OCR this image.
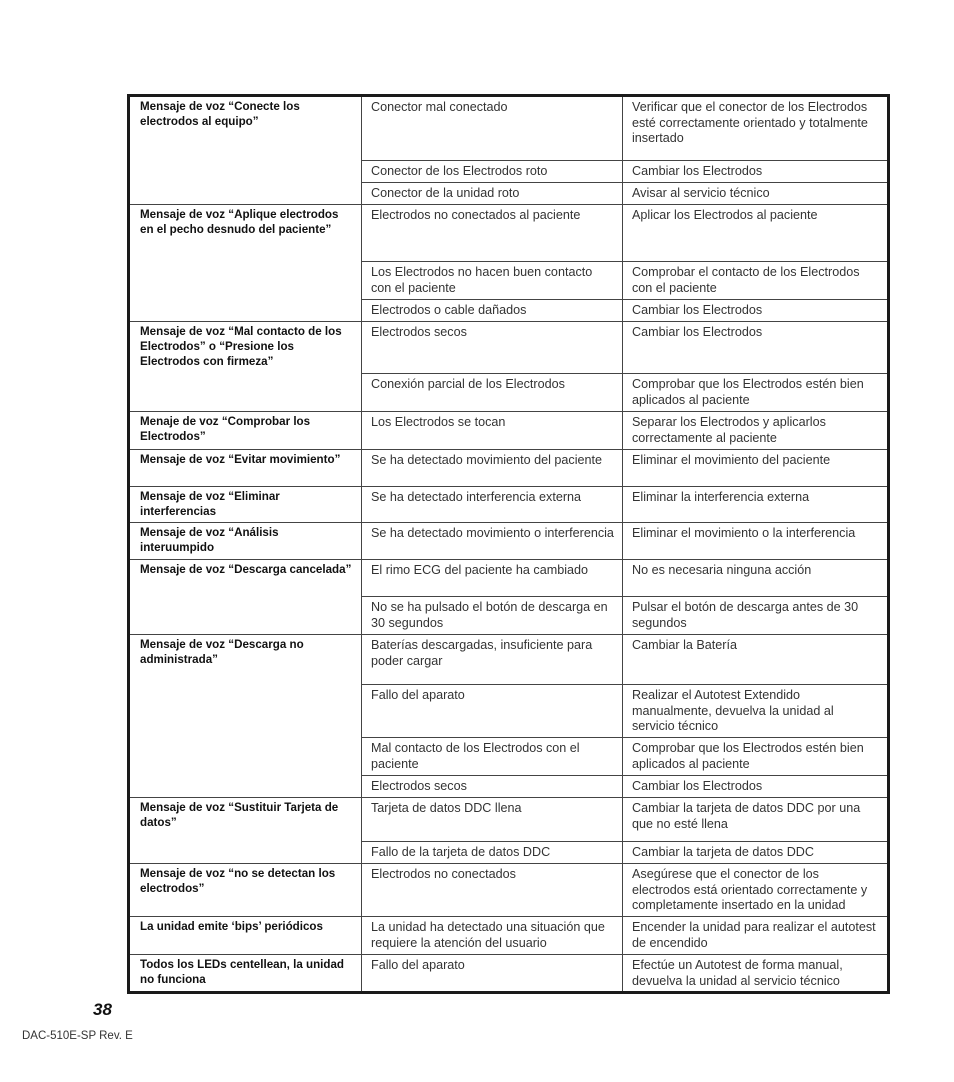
Mensaje de voz “Conecte los electrodos al equipo”	Conector mal conectado	Verificar que el conector de los Electrodos esté correctamente orientado y totalmente insertado
	Conector de los Electrodos roto	Cambiar los Electrodos
	Conector de la unidad roto	Avisar al servicio técnico
Mensaje de voz “Aplique electrodos en el pecho desnudo del paciente”	Electrodos no conectados al paciente	Aplicar los Electrodos al paciente
	Los Electrodos no hacen buen contacto con el paciente	Comprobar el contacto de los Electrodos con el paciente
	Electrodos o cable dañados	Cambiar los Electrodos
Mensaje de voz “Mal contacto de los Electrodos” o “Presione los Electrodos con firmeza”	Electrodos secos	Cambiar los Electrodos
	Conexión parcial de los Electrodos	Comprobar que los Electrodos estén bien aplicados al paciente
Menaje de voz “Comprobar los Electrodos”	Los Electrodos se tocan	Separar los Electrodos y aplicarlos correctamente al paciente
Mensaje de voz “Evitar movimiento”	Se ha detectado movimiento del paciente	Eliminar el movimiento del paciente
Mensaje de voz “Eliminar interferencias	Se ha detectado interferencia externa	Eliminar la interferencia externa
Mensaje de voz “Análisis interuumpido	Se ha detectado movimiento o interferencia	Eliminar el movimiento o la interferencia
Mensaje de voz “Descarga cancelada”	El rimo ECG del paciente ha cambiado	No es necesaria ninguna acción
	No se ha pulsado el botón de descarga en 30 segundos	Pulsar el botón de descarga antes de 30 segundos
Mensaje de voz “Descarga no administrada”	Baterías descargadas, insuficiente para poder cargar	Cambiar la Batería
	Fallo del aparato	Realizar el Autotest Extendido manualmente, devuelva la unidad al servicio técnico
	Mal contacto de los Electrodos con el paciente	Comprobar que los Electrodos estén bien aplicados al paciente
	Electrodos secos	Cambiar los Electrodos
Mensaje de voz “Sustituir Tarjeta de datos”	Tarjeta de datos DDC llena	Cambiar la tarjeta de datos DDC por una que no esté llena
	Fallo de la tarjeta de datos DDC	Cambiar la tarjeta de datos DDC
Mensaje de voz “no se detectan los electrodos”	Electrodos no conectados	Asegúrese que el conector de los electrodos está orientado correctamente y completamente insertado en la unidad
La unidad emite ‘bips’ periódicos	La unidad ha detectado una situación que requiere la atención del usuario	Encender la unidad para realizar el autotest de encendido
Todos los LEDs centellean, la unidad no funciona	Fallo del aparato	Efectúe un Autotest de forma manual, devuelva la unidad al servicio técnico
38
DAC-510E-SP Rev. E
